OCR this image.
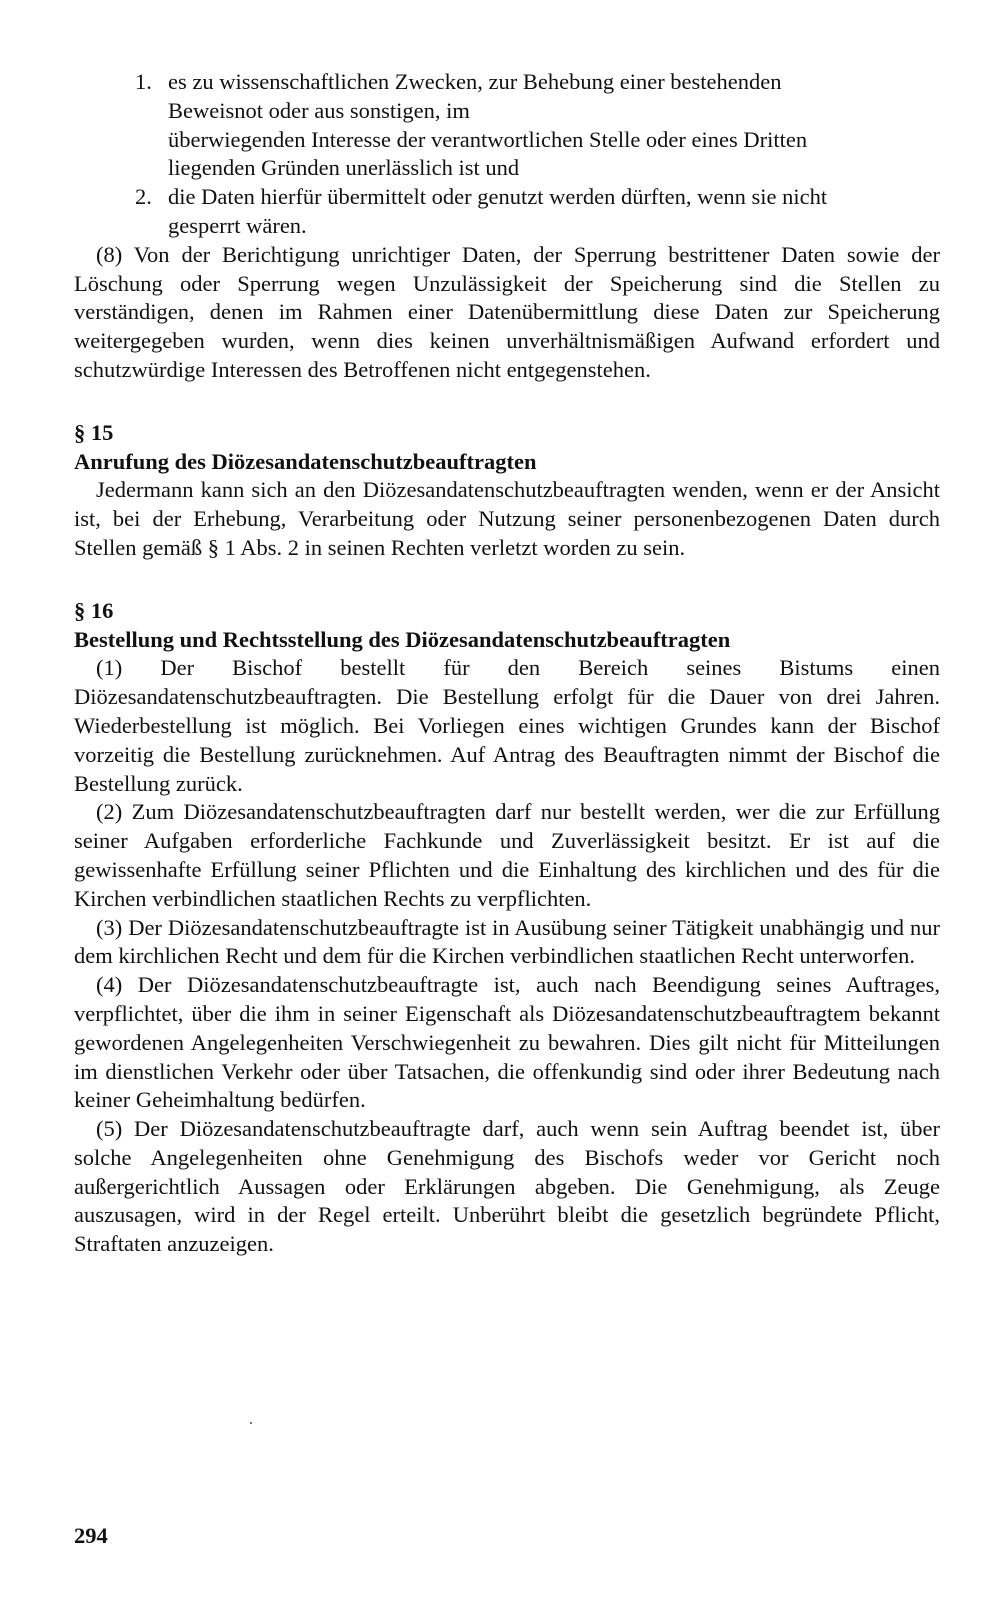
1. es zu wissenschaftlichen Zwecken, zur Behebung einer bestehenden
Beweisnot oder aus sonstigen, im
überwiegenden Interesse der verantwortlichen Stelle oder eines Dritten
liegenden Gründen unerlässlich ist und
2. die Daten hierfür übermittelt oder genutzt werden dürften, wenn sie nicht
gesperrt wären.

(8) Von der Berichtigung unrichtiger Daten, der Sperrung bestrittener Daten sowie der Löschung oder Sperrung wegen Unzulässigkeit der Speicherung sind die Stellen zu verständigen, denen im Rahmen einer Datenübermittlung diese Daten zur Speicherung weitergegeben wurden, wenn dies keinen unverhältnismäßigen Aufwand erfordert und schutzwürdige Interessen des Betroffenen nicht entgegenstehen.

§ 15
Anrufung des Diözesandatenschutzbeauftragten

Jedermann kann sich an den Diözesandatenschutzbeauftragten wenden, wenn er der Ansicht ist, bei der Erhebung, Verarbeitung oder Nutzung seiner personenbezogenen Daten durch Stellen gemäß § 1 Abs. 2 in seinen Rechten verletzt worden zu sein.

§ 16
Bestellung und Rechtsstellung des Diözesandatenschutzbeauftragten

(1) Der Bischof bestellt für den Bereich seines Bistums einen Diözesandatenschutzbeauftragten. Die Bestellung erfolgt für die Dauer von drei Jahren. Wiederbestellung ist möglich. Bei Vorliegen eines wichtigen Grundes kann der Bischof vorzeitig die Bestellung zurücknehmen. Auf Antrag des Beauftragten nimmt der Bischof die Bestellung zurück.

(2) Zum Diözesandatenschutzbeauftragten darf nur bestellt werden, wer die zur Erfüllung seiner Aufgaben erforderliche Fachkunde und Zuverlässigkeit besitzt. Er ist auf die gewissenhafte Erfüllung seiner Pflichten und die Einhaltung des kirchlichen und des für die Kirchen verbindlichen staatlichen Rechts zu verpflichten.

(3) Der Diözesandatenschutzbeauftragte ist in Ausübung seiner Tätigkeit unabhängig und nur dem kirchlichen Recht und dem für die Kirchen verbindlichen staatlichen Recht unterworfen.

(4) Der Diözesandatenschutzbeauftragte ist, auch nach Beendigung seines Auftrages, verpflichtet, über die ihm in seiner Eigenschaft als Diözesandatenschutzbeauftragtem bekannt gewordenen Angelegenheiten Verschwiegenheit zu bewahren. Dies gilt nicht für Mitteilungen im dienstlichen Verkehr oder über Tatsachen, die offenkundig sind oder ihrer Bedeutung nach keiner Geheimhaltung bedürfen.

(5) Der Diözesandatenschutzbeauftragte darf, auch wenn sein Auftrag beendet ist, über solche Angelegenheiten ohne Genehmigung des Bischofs weder vor Gericht noch außergerichtlich Aussagen oder Erklärungen abgeben. Die Genehmigung, als Zeuge auszusagen, wird in der Regel erteilt. Unberührt bleibt die gesetzlich begründete Pflicht, Straftaten anzuzeigen.

294
